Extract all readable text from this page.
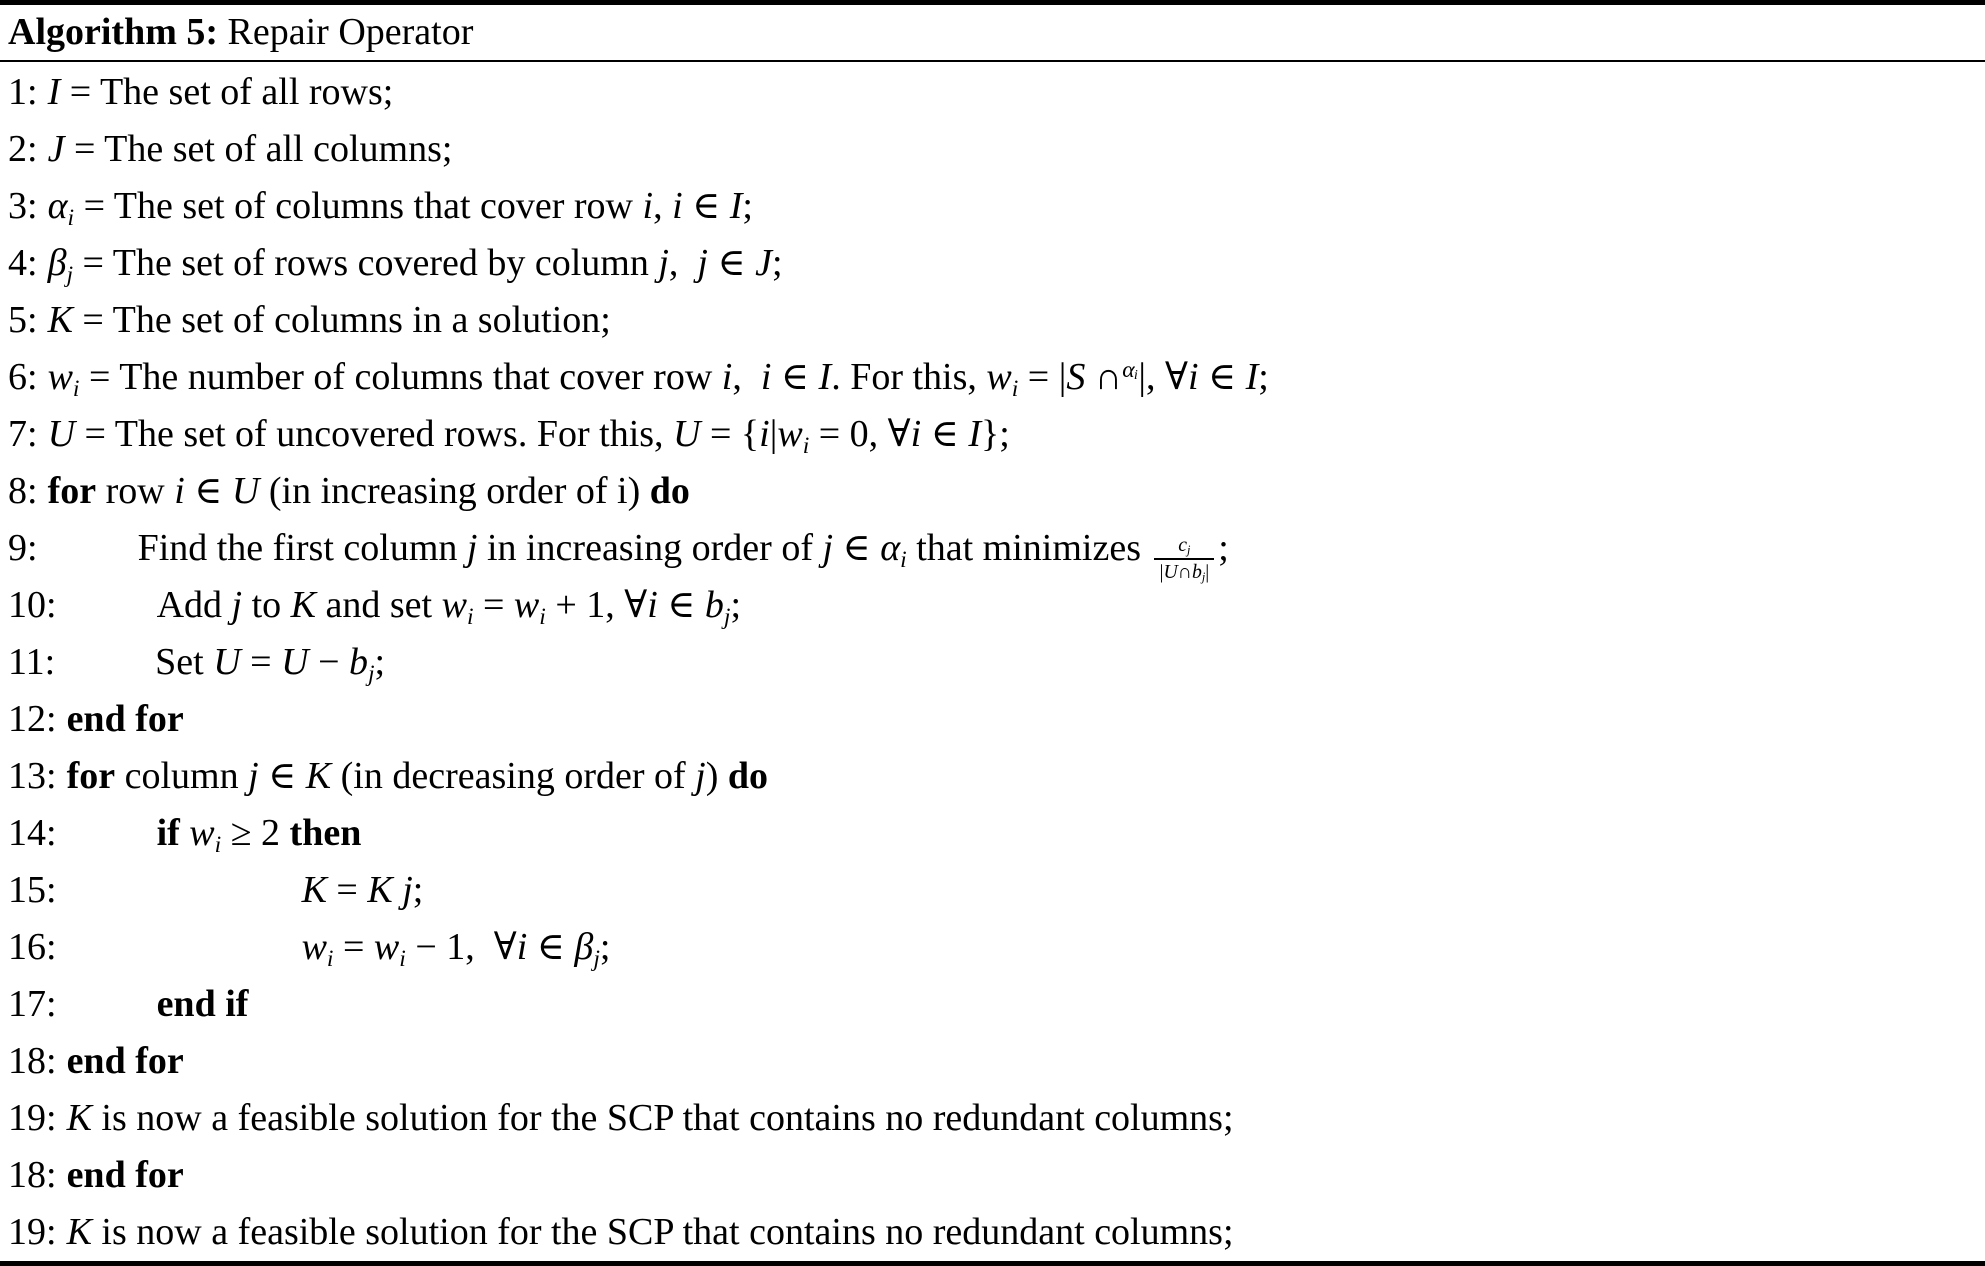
Algorithm 5: Repair Operator
1: I = The set of all rows;
2: J = The set of all columns;
3: αi = The set of columns that cover row i, i ∈ I;
4: βj = The set of rows covered by column j,  j ∈ J;
5: K = The set of columns in a solution;
6: wi = The number of columns that cover row i,  i ∈ I. For this, wi = |S ∩$^{\alpha ᵢ}$|, ∀i ∈ I;
7: U = The set of uncovered rows. For this, U = {i|wi = 0, ∀i ∈ I};
8: for row i ∈ U (in increasing order of i) do
9:	Find the first column j in increasing order of j ∈ αi that minimizes $\frac{cj}{|U\cap bj|}$ ;
10:	Add j to K and set wi = wi + 1, ∀i ∈ bj;
11:	Set U = U − bj;
12: end for
13: for column j ∈ K (in decreasing order of j) do
14:	if wi ≥ 2 then
15:	K = K j;
16:	wi = wi − 1,  ∀i ∈ βj;
17:	end if
18: end for
19: K is now a feasible solution for the SCP that contains no redundant columns;
18: end for
19: K is now a feasible solution for the SCP that contains no redundant columns;
